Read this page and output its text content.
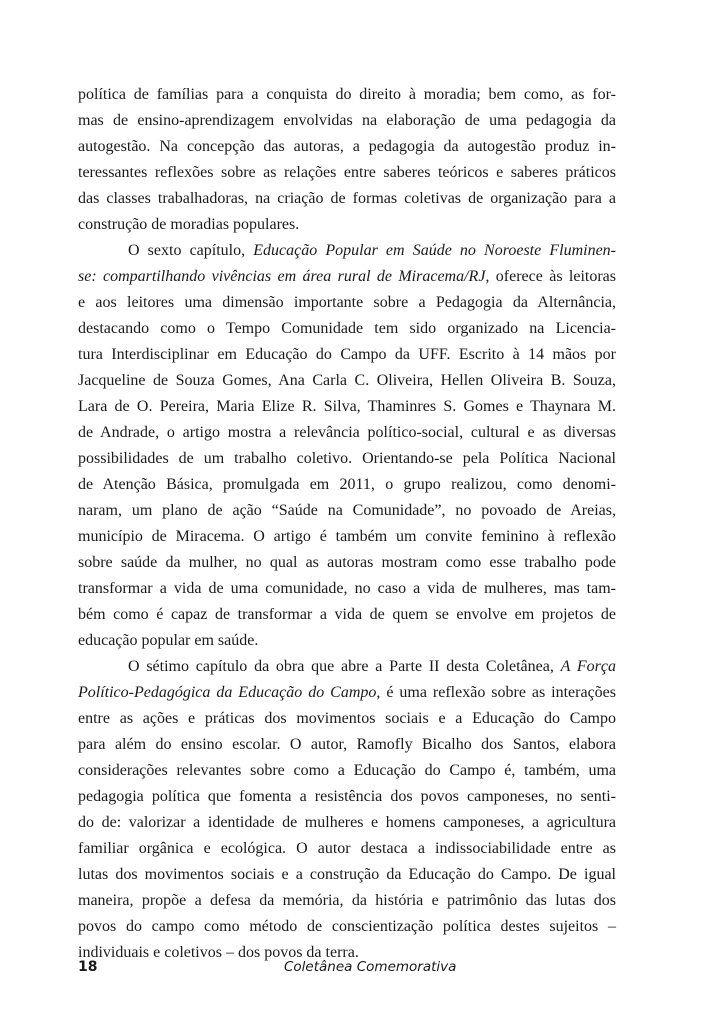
política de famílias para a conquista do direito à moradia; bem como, as for-
mas de ensino-aprendizagem envolvidas na elaboração de uma pedagogia da
autogestão. Na concepção das autoras, a pedagogia da autogestão produz in-
teressantes reflexões sobre as relações entre saberes teóricos e saberes práticos
das classes trabalhadoras, na criação de formas coletivas de organização para a
construção de moradias populares.
O sexto capítulo, Educação Popular em Saúde no Noroeste Fluminen-
se: compartilhando vivências em área rural de Miracema/RJ, oferece às leitoras
e aos leitores uma dimensão importante sobre a Pedagogia da Alternância,
destacando como o Tempo Comunidade tem sido organizado na Licencia-
tura Interdisciplinar em Educação do Campo da UFF. Escrito à 14 mãos por
Jacqueline de Souza Gomes, Ana Carla C. Oliveira, Hellen Oliveira B. Souza,
Lara de O. Pereira, Maria Elize R. Silva, Thaminres S. Gomes e Thaynara M.
de Andrade, o artigo mostra a relevância político-social, cultural e as diversas
possibilidades de um trabalho coletivo. Orientando-se pela Política Nacional
de Atenção Básica, promulgada em 2011, o grupo realizou, como denomi-
naram, um plano de ação “Saúde na Comunidade”, no povoado de Areias,
município de Miracema. O artigo é também um convite feminino à reflexão
sobre saúde da mulher, no qual as autoras mostram como esse trabalho pode
transformar a vida de uma comunidade, no caso a vida de mulheres, mas tam-
bém como é capaz de transformar a vida de quem se envolve em projetos de
educação popular em saúde.
O sétimo capítulo da obra que abre a Parte II desta Coletânea, A Força
Político-Pedagógica da Educação do Campo, é uma reflexão sobre as interações
entre as ações e práticas dos movimentos sociais e a Educação do Campo
para além do ensino escolar. O autor, Ramofly Bicalho dos Santos, elabora
considerações relevantes sobre como a Educação do Campo é, também, uma
pedagogia política que fomenta a resistência dos povos camponeses, no senti-
do de: valorizar a identidade de mulheres e homens camponeses, a agricultura
familiar orgânica e ecológica. O autor destaca a indissociabilidade entre as
lutas dos movimentos sociais e a construção da Educação do Campo. De igual
maneira, propõe a defesa da memória, da história e patrimônio das lutas dos
povos do campo como método de conscientização política destes sujeitos –
individuais e coletivos – dos povos da terra.
18	Coletânea Comemorativa
